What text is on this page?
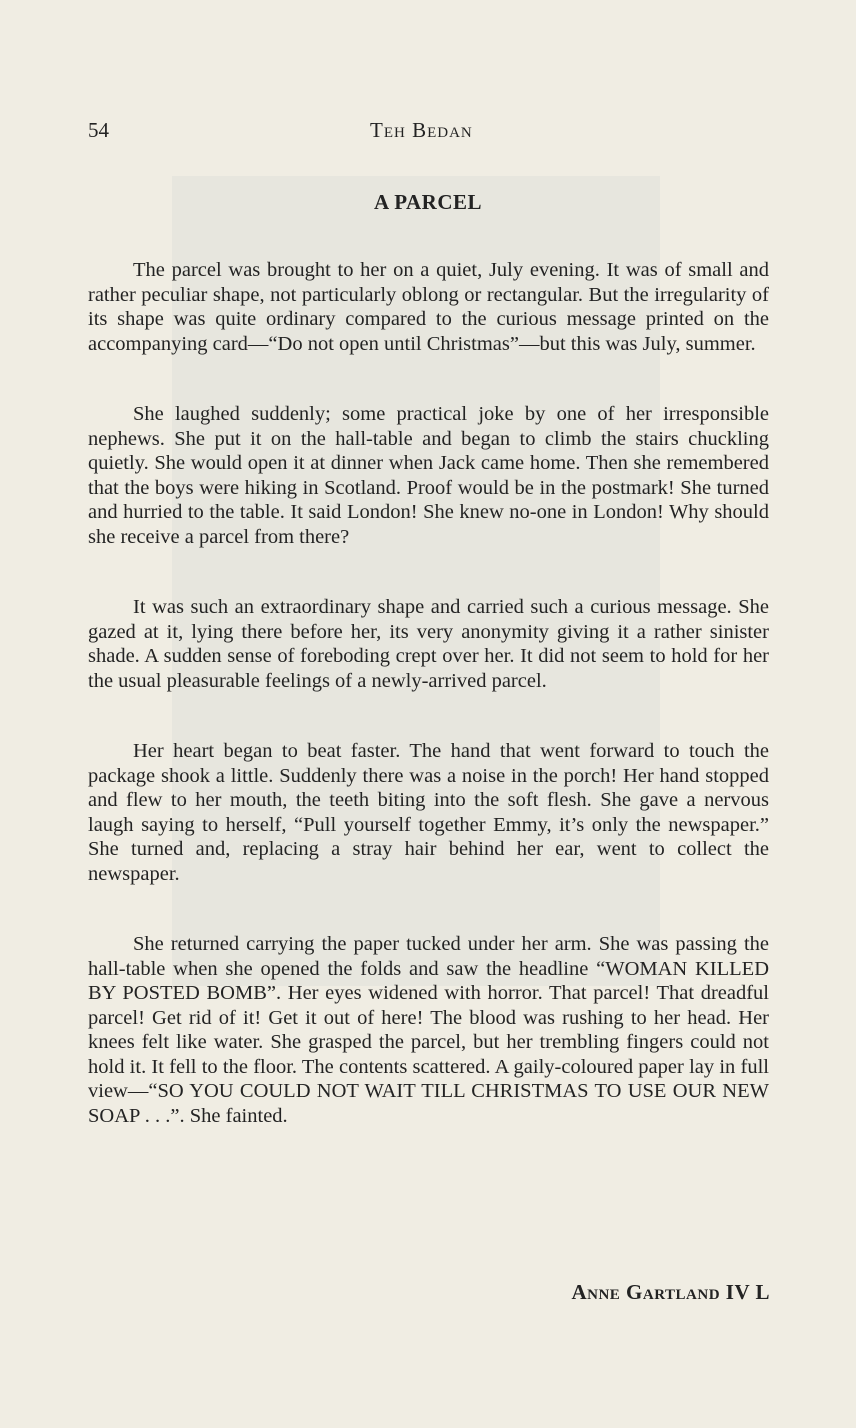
54	Teh Bedan
A PARCEL

The parcel was brought to her on a quiet, July evening. It was of small and rather peculiar shape, not particularly oblong or rectangular. But the irregularity of its shape was quite ordinary compared to the curious message printed on the accompanying card—“Do not open until Christmas”—but this was July, summer.

She laughed suddenly; some practical joke by one of her irresponsible nephews. She put it on the hall-table and began to climb the stairs chuckling quietly. She would open it at dinner when Jack came home. Then she remembered that the boys were hiking in Scotland. Proof would be in the postmark! She turned and hurried to the table. It said London! She knew no-one in London! Why should she receive a parcel from there?

It was such an extraordinary shape and carried such a curious message. She gazed at it, lying there before her, its very anonymity giving it a rather sinister shade. A sudden sense of foreboding crept over her. It did not seem to hold for her the usual pleasurable feelings of a newly-arrived parcel.

Her heart began to beat faster. The hand that went forward to touch the package shook a little. Suddenly there was a noise in the porch! Her hand stopped and flew to her mouth, the teeth biting into the soft flesh. She gave a nervous laugh saying to herself, “Pull yourself together Emmy, it’s only the newspaper.” She turned and, replacing a stray hair behind her ear, went to collect the newspaper.

She returned carrying the paper tucked under her arm. She was passing the hall-table when she opened the folds and saw the headline “WOMAN KILLED BY POSTED BOMB”. Her eyes widened with horror. That parcel! That dreadful parcel! Get rid of it! Get it out of here! The blood was rushing to her head. Her knees felt like water. She grasped the parcel, but her trembling fingers could not hold it. It fell to the floor. The contents scattered. A gaily-coloured paper lay in full view—“SO YOU COULD NOT WAIT TILL CHRISTMAS TO USE OUR NEW SOAP . . .”. She fainted.

Anne Gartland IV L
